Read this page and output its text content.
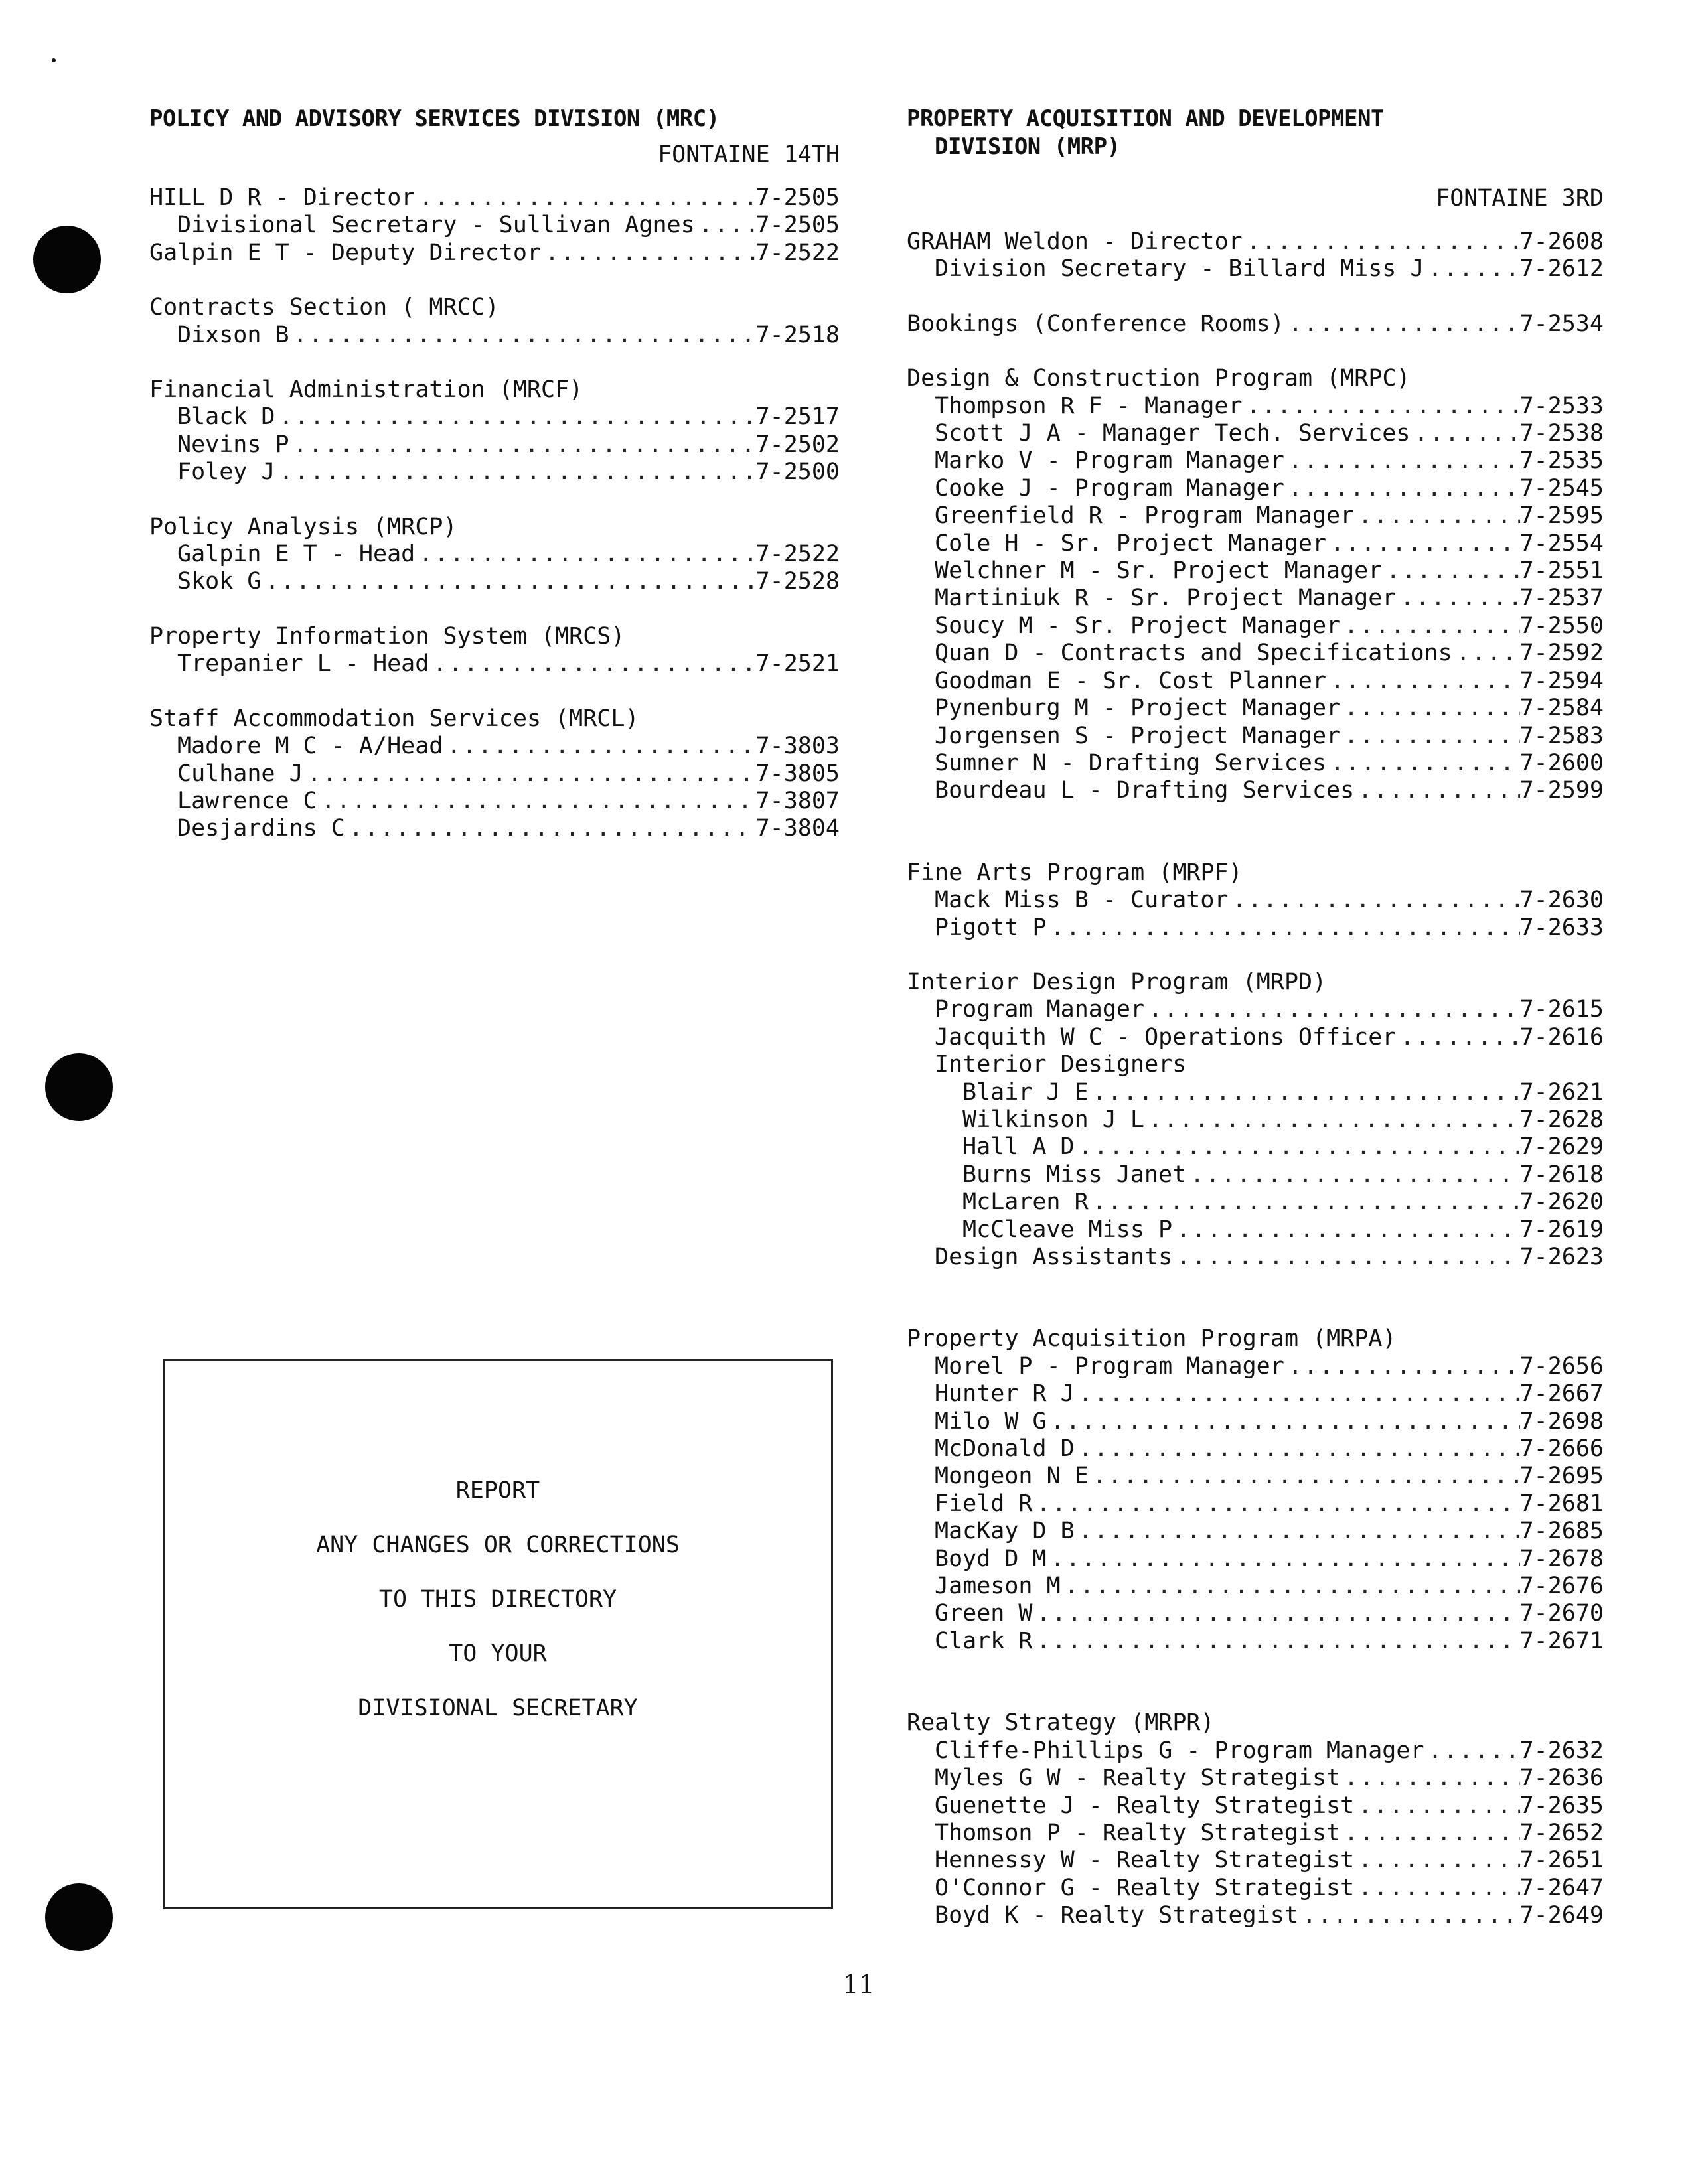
POLICY AND ADVISORY SERVICES DIVISION (MRC)
FONTAINE 14TH
HILL D R - Director .....	7-2505
Divisional Secretary - Sullivan Agnes .....	7-2505
Galpin E T - Deputy Director .....	7-2522
Contracts Section ( MRCC)
Dixson B .....	7-2518
Financial Administration (MRCF)
Black D .....	7-2517
Nevins P .....	7-2502
Foley J .....	7-2500
Policy Analysis (MRCP)
Galpin E T - Head .....	7-2522
Skok G .....	7-2528
Property Information System (MRCS)
Trepanier L - Head .....	7-2521
Staff Accommodation Services (MRCL)
Madore M C - A/Head .....	7-3803
Culhane J .....	7-3805
Lawrence C .....	7-3807
Desjardins C .....	7-3804
PROPERTY ACQUISITION AND DEVELOPMENT
DIVISION (MRP)
FONTAINE 3RD
GRAHAM Weldon - Director .....	7-2608
Division Secretary - Billard Miss J .....	7-2612
Bookings (Conference Rooms) .....	7-2534
Design & Construction Program (MRPC)
Thompson R F - Manager .....	7-2533
Scott J A - Manager Tech. Services .....	7-2538
Marko V - Program Manager .....	7-2535
Cooke J - Program Manager .....	7-2545
Greenfield R - Program Manager .....	7-2595
Cole H - Sr. Project Manager .....	7-2554
Welchner M - Sr. Project Manager .....	7-2551
Martiniuk R - Sr. Project Manager .....	7-2537
Soucy M - Sr. Project Manager .....	7-2550
Quan D - Contracts and Specifications .....	7-2592
Goodman E - Sr. Cost Planner .....	7-2594
Pynenburg M - Project Manager .....	7-2584
Jorgensen S - Project Manager .....	7-2583
Sumner N - Drafting Services .....	7-2600
Bourdeau L - Drafting Services .....	7-2599
Fine Arts Program (MRPF)
Mack Miss B - Curator .....	7-2630
Pigott P .....	7-2633
Interior Design Program (MRPD)
Program Manager .....	7-2615
Jacquith W C - Operations Officer .....	7-2616
Interior Designers
Blair J E .....	7-2621
Wilkinson J L .....	7-2628
Hall A D .....	7-2629
Burns Miss Janet .....	7-2618
McLaren R .....	7-2620
McCleave Miss P .....	7-2619
Design Assistants .....	7-2623
Property Acquisition Program (MRPA)
Morel P - Program Manager .....	7-2656
Hunter R J .....	7-2667
Milo W G .....	7-2698
McDonald D .....	7-2666
Mongeon N E .....	7-2695
Field R .....	7-2681
MacKay D B .....	7-2685
Boyd D M .....	7-2678
Jameson M .....	7-2676
Green W .....	7-2670
Clark R .....	7-2671
Realty Strategy (MRPR)
Cliffe-Phillips G - Program Manager .....	7-2632
Myles G W - Realty Strategist .....	7-2636
Guenette J - Realty Strategist .....	7-2635
Thomson P - Realty Strategist .....	7-2652
Hennessy W - Realty Strategist .....	7-2651
O'Connor G - Realty Strategist .....	7-2647
Boyd K - Realty Strategist .....	7-2649
REPORT
ANY CHANGES OR CORRECTIONS
TO THIS DIRECTORY
TO YOUR
DIVISIONAL SECRETARY
11
